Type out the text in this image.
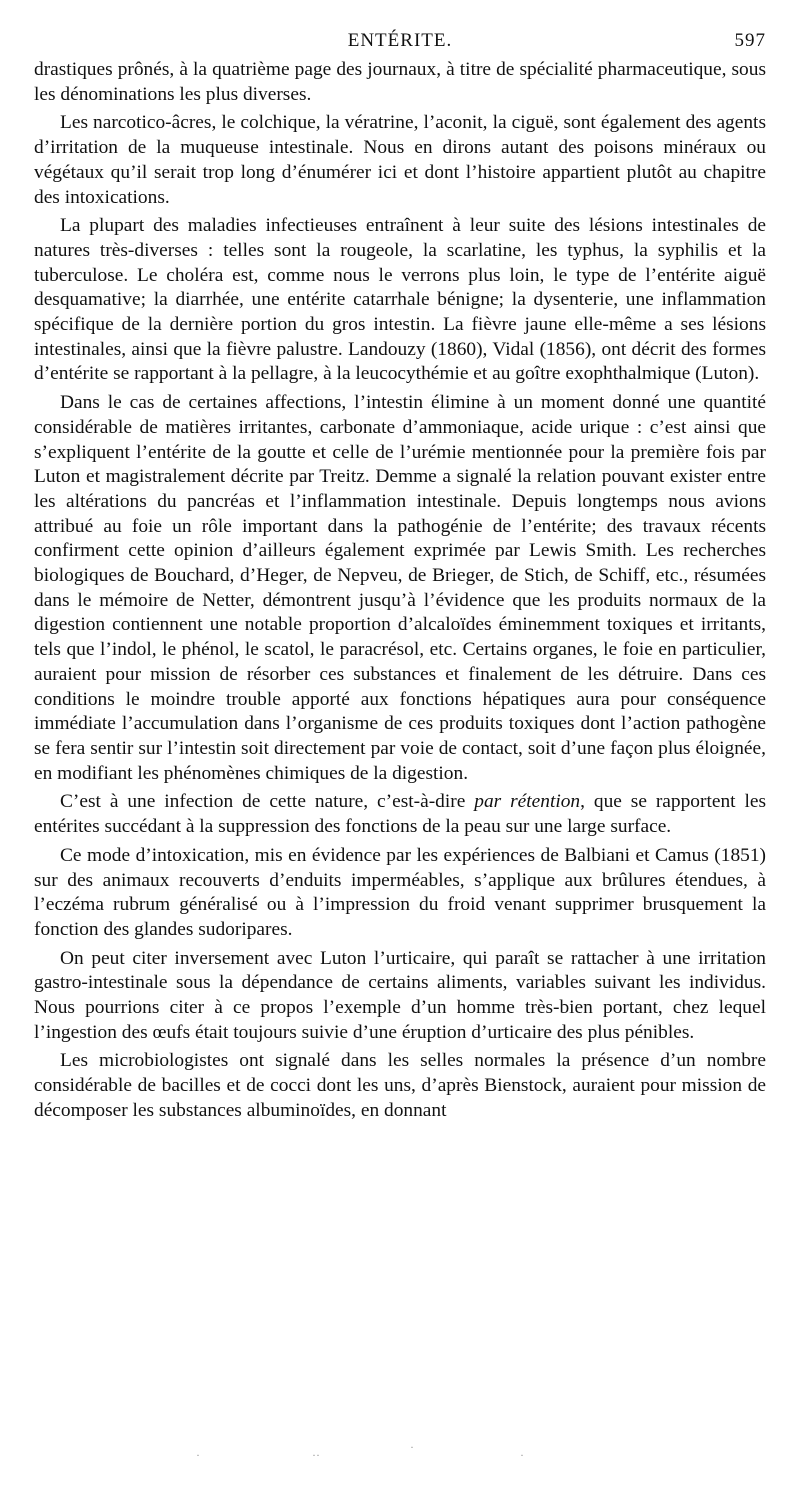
ENTÉRITE.	597

drastiques prônés, à la quatrième page des journaux, à titre de spécialité pharmaceutique, sous les dénominations les plus diverses.

Les narcotico-âcres, le colchique, la vératrine, l’aconit, la ciguë, sont également des agents d’irritation de la muqueuse intestinale. Nous en dirons autant des poisons minéraux ou végétaux qu’il serait trop long d’énumérer ici et dont l’histoire appartient plutôt au chapitre des intoxications.

La plupart des maladies infectieuses entraînent à leur suite des lésions intestinales de natures très-diverses : telles sont la rougeole, la scarlatine, les typhus, la syphilis et la tuberculose. Le choléra est, comme nous le verrons plus loin, le type de l’entérite aiguë desquamative; la diarrhée, une entérite catarrhale bénigne; la dysenterie, une inflammation spécifique de la dernière portion du gros intestin. La fièvre jaune elle-même a ses lésions intestinales, ainsi que la fièvre palustre. Landouzy (1860), Vidal (1856), ont décrit des formes d’entérite se rapportant à la pellagre, à la leucocythémie et au goître exophthalmique (Luton).

Dans le cas de certaines affections, l’intestin élimine à un moment donné une quantité considérable de matières irritantes, carbonate d’ammoniaque, acide urique : c’est ainsi que s’expliquent l’entérite de la goutte et celle de l’urémie mentionnée pour la première fois par Luton et magistralement décrite par Treitz. Demme a signalé la relation pouvant exister entre les altérations du pancréas et l’inflammation intestinale. Depuis longtemps nous avions attribué au foie un rôle important dans la pathogénie de l’entérite; des travaux récents confirment cette opinion d’ailleurs également exprimée par Lewis Smith. Les recherches biologiques de Bouchard, d’Heger, de Nepveu, de Brieger, de Stich, de Schiff, etc., résumées dans le mémoire de Netter, démontrent jusqu’à l’évidence que les produits normaux de la digestion contiennent une notable proportion d’alcaloïdes éminemment toxiques et irritants, tels que l’indol, le phénol, le scatol, le paracrésol, etc. Certains organes, le foie en particulier, auraient pour mission de résorber ces substances et finalement de les détruire. Dans ces conditions le moindre trouble apporté aux fonctions hépatiques aura pour conséquence immédiate l’accumulation dans l’organisme de ces produits toxiques dont l’action pathogène se fera sentir sur l’intestin soit directement par voie de contact, soit d’une façon plus éloignée, en modifiant les phénomènes chimiques de la digestion.

C’est à une infection de cette nature, c’est-à-dire par rétention, que se rapportent les entérites succédant à la suppression des fonctions de la peau sur une large surface.

Ce mode d’intoxication, mis en évidence par les expériences de Balbiani et Camus (1851) sur des animaux recouverts d’enduits imperméables, s’applique aux brûlures étendues, à l’eczéma rubrum généralisé ou à l’impression du froid venant supprimer brusquement la fonction des glandes sudoripares.

On peut citer inversement avec Luton l’urticaire, qui paraît se rattacher à une irritation gastro-intestinale sous la dépendance de certains aliments, variables suivant les individus. Nous pourrions citer à ce propos l’exemple d’un homme très-bien portant, chez lequel l’ingestion des œufs était toujours suivie d’une éruption d’urticaire des plus pénibles.

Les microbiologistes ont signalé dans les selles normales la présence d’un nombre considérable de bacilles et de cocci dont les uns, d’après Bienstock, auraient pour mission de décomposer les substances albuminoïdes, en donnant

·	··
·
·
